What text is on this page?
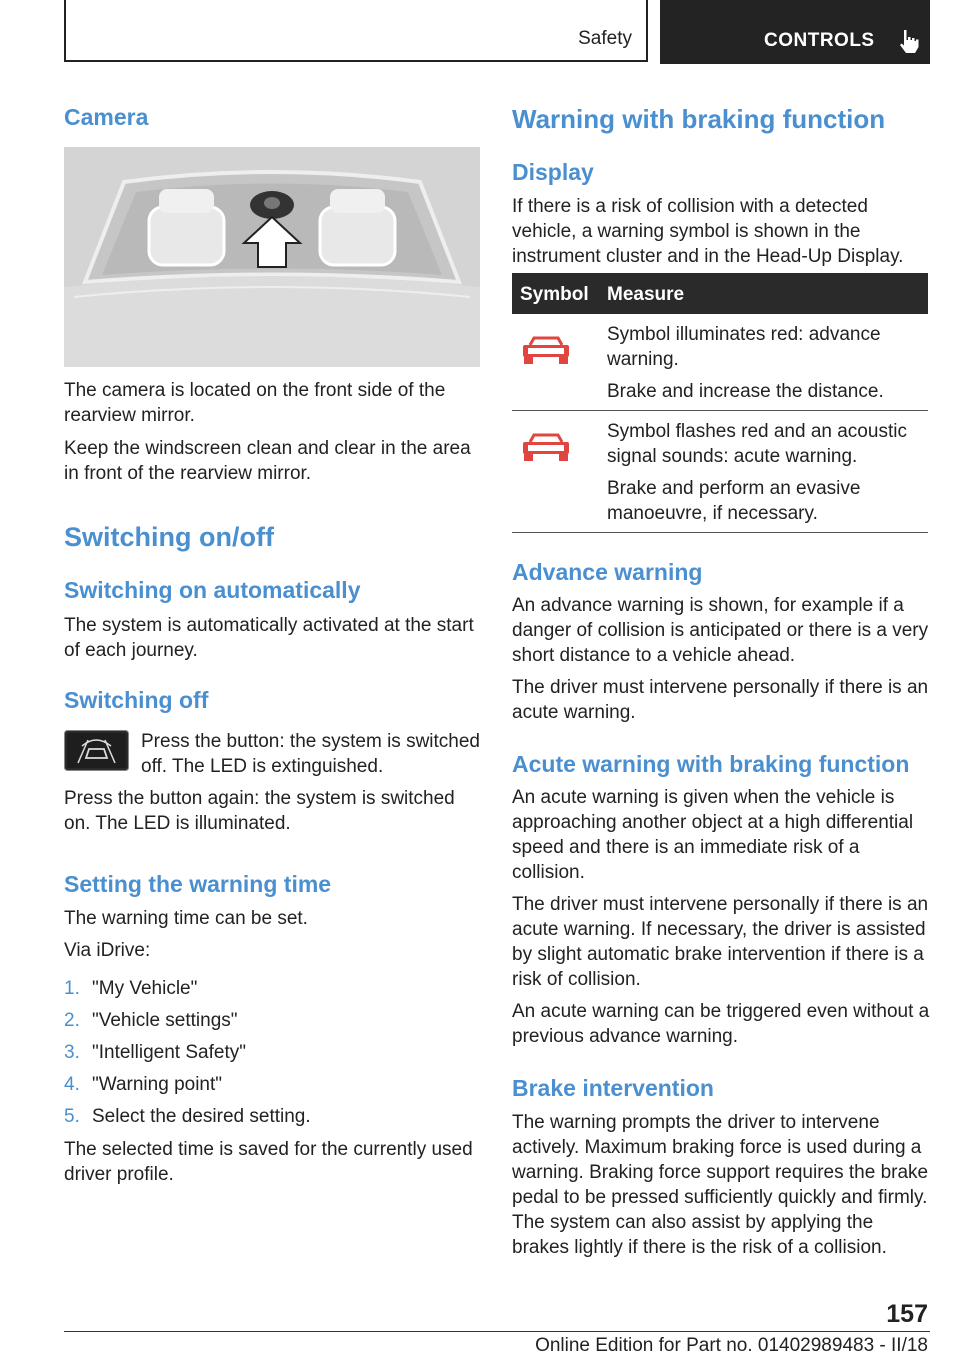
Safety	CONTROLS
Camera

The camera is located on the front side of the rearview mirror.

Keep the windscreen clean and clear in the area in front of the rearview mirror.

Switching on/off
Switching on automatically

The system is automatically activated at the start of each journey.

Switching off

Press the button: the system is switched off. The LED is extinguished.

Press the button again: the system is switched on. The LED is illuminated.

Setting the warning time

The warning time can be set.

Via iDrive:

1. "My Vehicle"
2. "Vehicle settings"
3. "Intelligent Safety"
4. "Warning point"
5. Select the desired setting.

The selected time is saved for the currently used driver profile.

Warning with braking function
Display

If there is a risk of collision with a detected vehicle, a warning symbol is shown in the instrument cluster and in the Head-Up Display.

Symbol Measure

Symbol illuminates red: advance warning.

Brake and increase the distance.

Symbol flashes red and an acoustic signal sounds: acute warning.

Brake and perform an evasive manoeuvre, if necessary.

Advance warning

An advance warning is shown, for example if a danger of collision is anticipated or there is a very short distance to a vehicle ahead.

The driver must intervene personally if there is an acute warning.

Acute warning with braking function

An acute warning is given when the vehicle is approaching another object at a high differential speed and there is an immediate risk of a collision.

The driver must intervene personally if there is an acute warning. If necessary, the driver is assisted by slight automatic brake intervention if there is a risk of collision.

An acute warning can be triggered even without a previous advance warning.

Brake intervention

The warning prompts the driver to intervene actively. Maximum braking force is used during a warning. Braking force support requires the brake pedal to be pressed sufficiently quickly and firmly. The system can also assist by applying the brakes lightly if there is the risk of a collision.

157
Online Edition for Part no. 01402989483 - II/18
